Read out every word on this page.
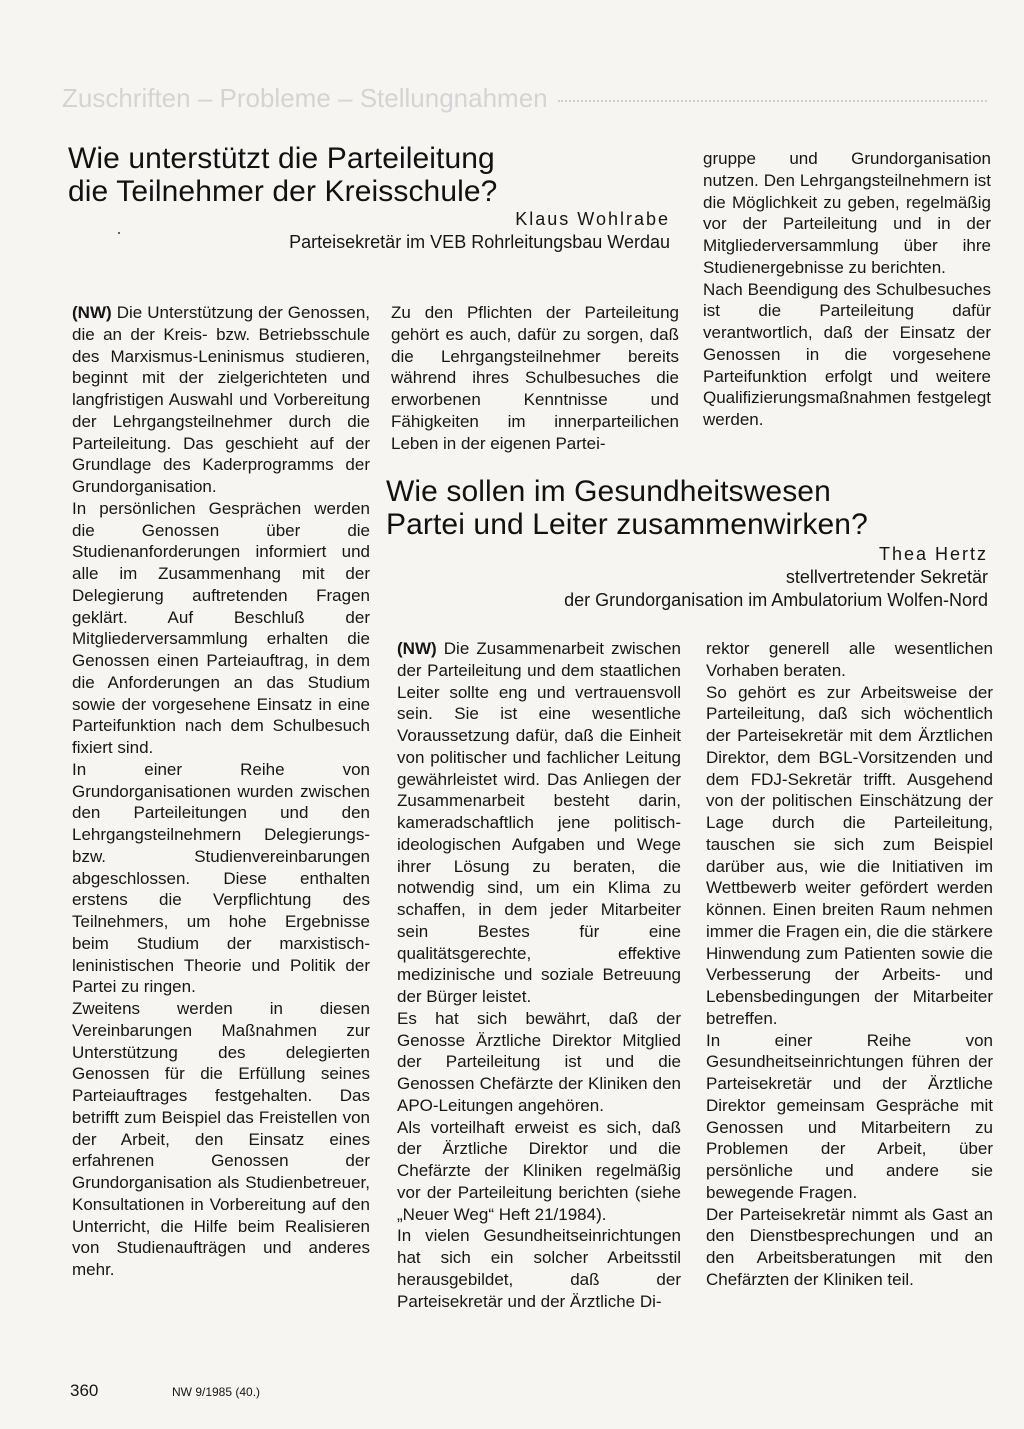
Zuschriften – Probleme – Stellungnahmen
Wie unterstützt die Parteileitung
die Teilnehmer der Kreisschule?
Klaus Wohlrabe
Parteisekretär im VEB Rohrleitungsbau Werdau

(NW) Die Unterstützung der Genossen, die an der Kreis- bzw. Betriebsschule des Marxismus-Leninismus studieren, beginnt mit der zielgerichteten und langfristigen Auswahl und Vorbereitung der Lehrgangsteilnehmer durch die Parteileitung. Das geschieht auf der Grundlage des Kaderprogramms der Grundorganisation.

In persönlichen Gesprächen werden die Genossen über die Studienanforderungen informiert und alle im Zusammenhang mit der Delegierung auftretenden Fragen geklärt. Auf Beschluß der Mitgliederversammlung erhalten die Genossen einen Parteiauftrag, in dem die Anforderungen an das Studium sowie der vorgesehene Einsatz in eine Parteifunktion nach dem Schulbesuch fixiert sind.

In einer Reihe von Grundorganisationen wurden zwischen den Parteileitungen und den Lehrgangsteilnehmern Delegierungs- bzw. Studienvereinbarungen abgeschlossen. Diese enthalten erstens die Verpflichtung des Teilnehmers, um hohe Ergebnisse beim Studium der marxistisch-leninistischen Theorie und Politik der Partei zu ringen.

Zweitens werden in diesen Vereinbarungen Maßnahmen zur Unterstützung des delegierten Genossen für die Erfüllung seines Parteiauftrages festgehalten. Das betrifft zum Beispiel das Freistellen von der Arbeit, den Einsatz eines erfahrenen Genossen der Grundorganisation als Studienbetreuer, Konsultationen in Vorbereitung auf den Unterricht, die Hilfe beim Realisieren von Studienaufträgen und anderes mehr.

Zu den Pflichten der Parteileitung gehört es auch, dafür zu sorgen, daß die Lehrgangsteilnehmer bereits während ihres Schulbesuches die erworbenen Kenntnisse und Fähigkeiten im innerparteilichen Leben in der eigenen Partei-

gruppe und Grundorganisation nutzen. Den Lehrgangsteilnehmern ist die Möglichkeit zu geben, regelmäßig vor der Parteileitung und in der Mitgliederversammlung über ihre Studienergebnisse zu berichten.

Nach Beendigung des Schulbesuches ist die Parteileitung dafür verantwortlich, daß der Einsatz der Genossen in die vorgesehene Parteifunktion erfolgt und weitere Qualifizierungsmaßnahmen festgelegt werden.

Wie sollen im Gesundheitswesen
Partei und Leiter zusammenwirken?
Thea Hertz
stellvertretender Sekretär
der Grundorganisation im Ambulatorium Wolfen-Nord

(NW) Die Zusammenarbeit zwischen der Parteileitung und dem staatlichen Leiter sollte eng und vertrauensvoll sein. Sie ist eine wesentliche Voraussetzung dafür, daß die Einheit von politischer und fachlicher Leitung gewährleistet wird. Das Anliegen der Zusammenarbeit besteht darin, kameradschaftlich jene politisch-ideologischen Aufgaben und Wege ihrer Lösung zu beraten, die notwendig sind, um ein Klima zu schaffen, in dem jeder Mitarbeiter sein Bestes für eine qualitätsgerechte, effektive medizinische und soziale Betreuung der Bürger leistet.

Es hat sich bewährt, daß der Genosse Ärztliche Direktor Mitglied der Parteileitung ist und die Genossen Chefärzte der Kliniken den APO-Leitungen angehören.

Als vorteilhaft erweist es sich, daß der Ärztliche Direktor und die Chefärzte der Kliniken regelmäßig vor der Parteileitung berichten (siehe „Neuer Weg“ Heft 21/1984).

In vielen Gesundheitseinrichtungen hat sich ein solcher Arbeitsstil herausgebildet, daß der Parteisekretär und der Ärztliche Di-

rektor generell alle wesentlichen Vorhaben beraten.

So gehört es zur Arbeitsweise der Parteileitung, daß sich wöchentlich der Parteisekretär mit dem Ärztlichen Direktor, dem BGL-Vorsitzenden und dem FDJ-Sekretär trifft. Ausgehend von der politischen Einschätzung der Lage durch die Parteileitung, tauschen sie sich zum Beispiel darüber aus, wie die Initiativen im Wettbewerb weiter gefördert werden können. Einen breiten Raum nehmen immer die Fragen ein, die die stärkere Hinwendung zum Patienten sowie die Verbesserung der Arbeits- und Lebensbedingungen der Mitarbeiter betreffen.

In einer Reihe von Gesundheitseinrichtungen führen der Parteisekretär und der Ärztliche Direktor gemeinsam Gespräche mit Genossen und Mitarbeitern zu Problemen der Arbeit, über persönliche und andere sie bewegende Fragen.

Der Parteisekretär nimmt als Gast an den Dienstbesprechungen und an den Arbeitsberatungen mit den Chefärzten der Kliniken teil.

360	NW 9/1985 (40.)
